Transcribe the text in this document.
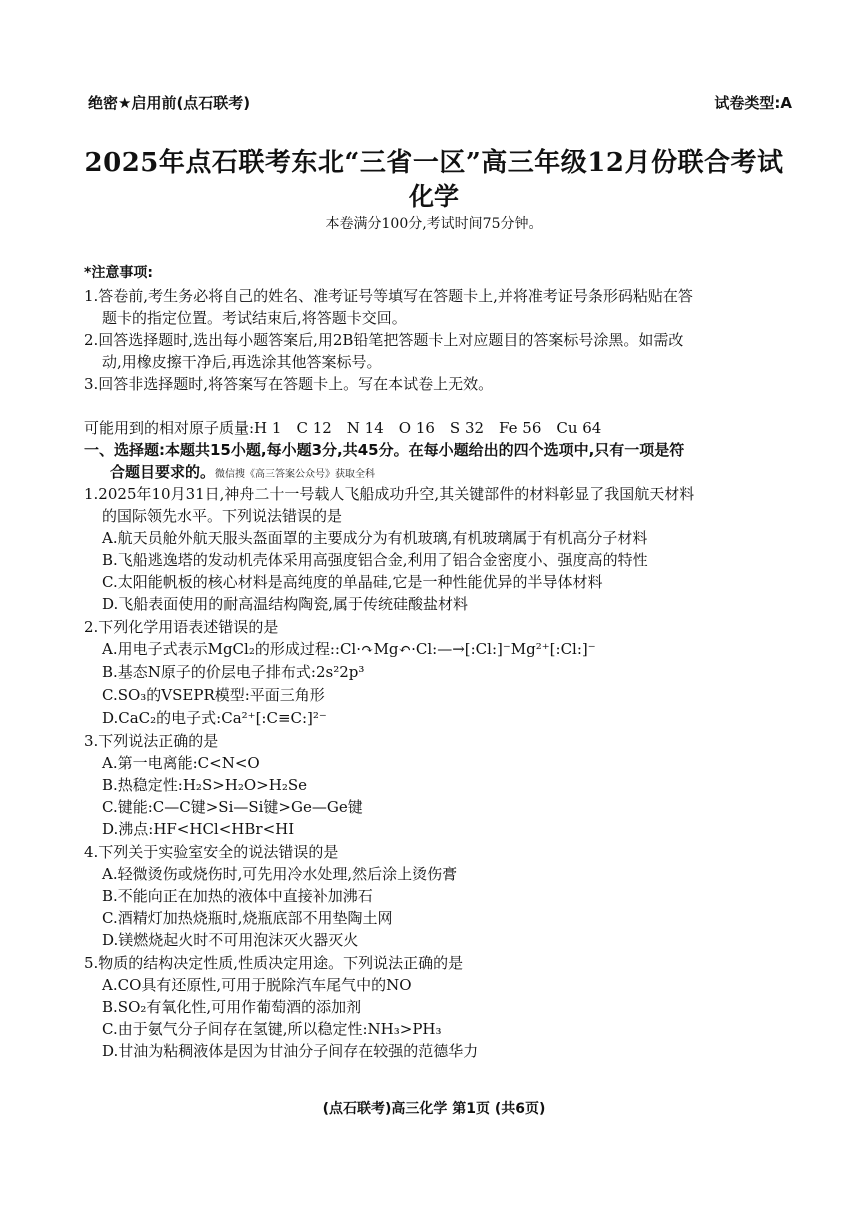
绝密★启用前(点石联考)	试卷类型:A
2025年点石联考东北“三省一区”高三年级12月份联合考试
化学
本卷满分100分,考试时间75分钟。
*注意事项:
1.答卷前,考生务必将自己的姓名、准考证号等填写在答题卡上,并将准考证号条形码粘贴在答
题卡的指定位置。考试结束后,将答题卡交回。
2.回答选择题时,选出每小题答案后,用2B铅笔把答题卡上对应题目的答案标号涂黑。如需改
动,用橡皮擦干净后,再选涂其他答案标号。
3.回答非选择题时,将答案写在答题卡上。写在本试卷上无效。
可能用到的相对原子质量:H 1　C 12　N 14　O 16　S 32　Fe 56　Cu 64
一、选择题:本题共15小题,每小题3分,共45分。在每小题给出的四个选项中,只有一项是符
合题目要求的。微信搜《高三答案公众号》获取全科
1.2025年10月31日,神舟二十一号载人飞船成功升空,其关键部件的材料彰显了我国航天材料
的国际领先水平。下列说法错误的是
A.航天员舱外航天服头盔面罩的主要成分为有机玻璃,有机玻璃属于有机高分子材料
B.飞船逃逸塔的发动机壳体采用高强度铝合金,利用了铝合金密度小、强度高的特性
C.太阳能帆板的核心材料是高纯度的单晶硅,它是一种性能优异的半导体材料
D.飞船表面使用的耐高温结构陶瓷,属于传统硅酸盐材料
2.下列化学用语表述错误的是
A.用电子式表示MgCl₂的形成过程::Cl·↷Mg↶·Cl:—→[:Cl:]⁻Mg²⁺[:Cl:]⁻
B.基态N原子的价层电子排布式:2s²2p³
C.SO₃的VSEPR模型:平面三角形
D.CaC₂的电子式:Ca²⁺[:C≡C:]²⁻
3.下列说法正确的是
A.第一电离能:C<N<O
B.热稳定性:H₂S>H₂O>H₂Se
C.键能:C—C键>Si—Si键>Ge—Ge键
D.沸点:HF<HCl<HBr<HI
4.下列关于实验室安全的说法错误的是
A.轻微烫伤或烧伤时,可先用冷水处理,然后涂上烫伤膏
B.不能向正在加热的液体中直接补加沸石
C.酒精灯加热烧瓶时,烧瓶底部不用垫陶土网
D.镁燃烧起火时不可用泡沫灭火器灭火
5.物质的结构决定性质,性质决定用途。下列说法正确的是
A.CO具有还原性,可用于脱除汽车尾气中的NO
B.SO₂有氧化性,可用作葡萄酒的添加剂
C.由于氨气分子间存在氢键,所以稳定性:NH₃>PH₃
D.甘油为粘稠液体是因为甘油分子间存在较强的范德华力
(点石联考)高三化学 第1页 (共6页)
